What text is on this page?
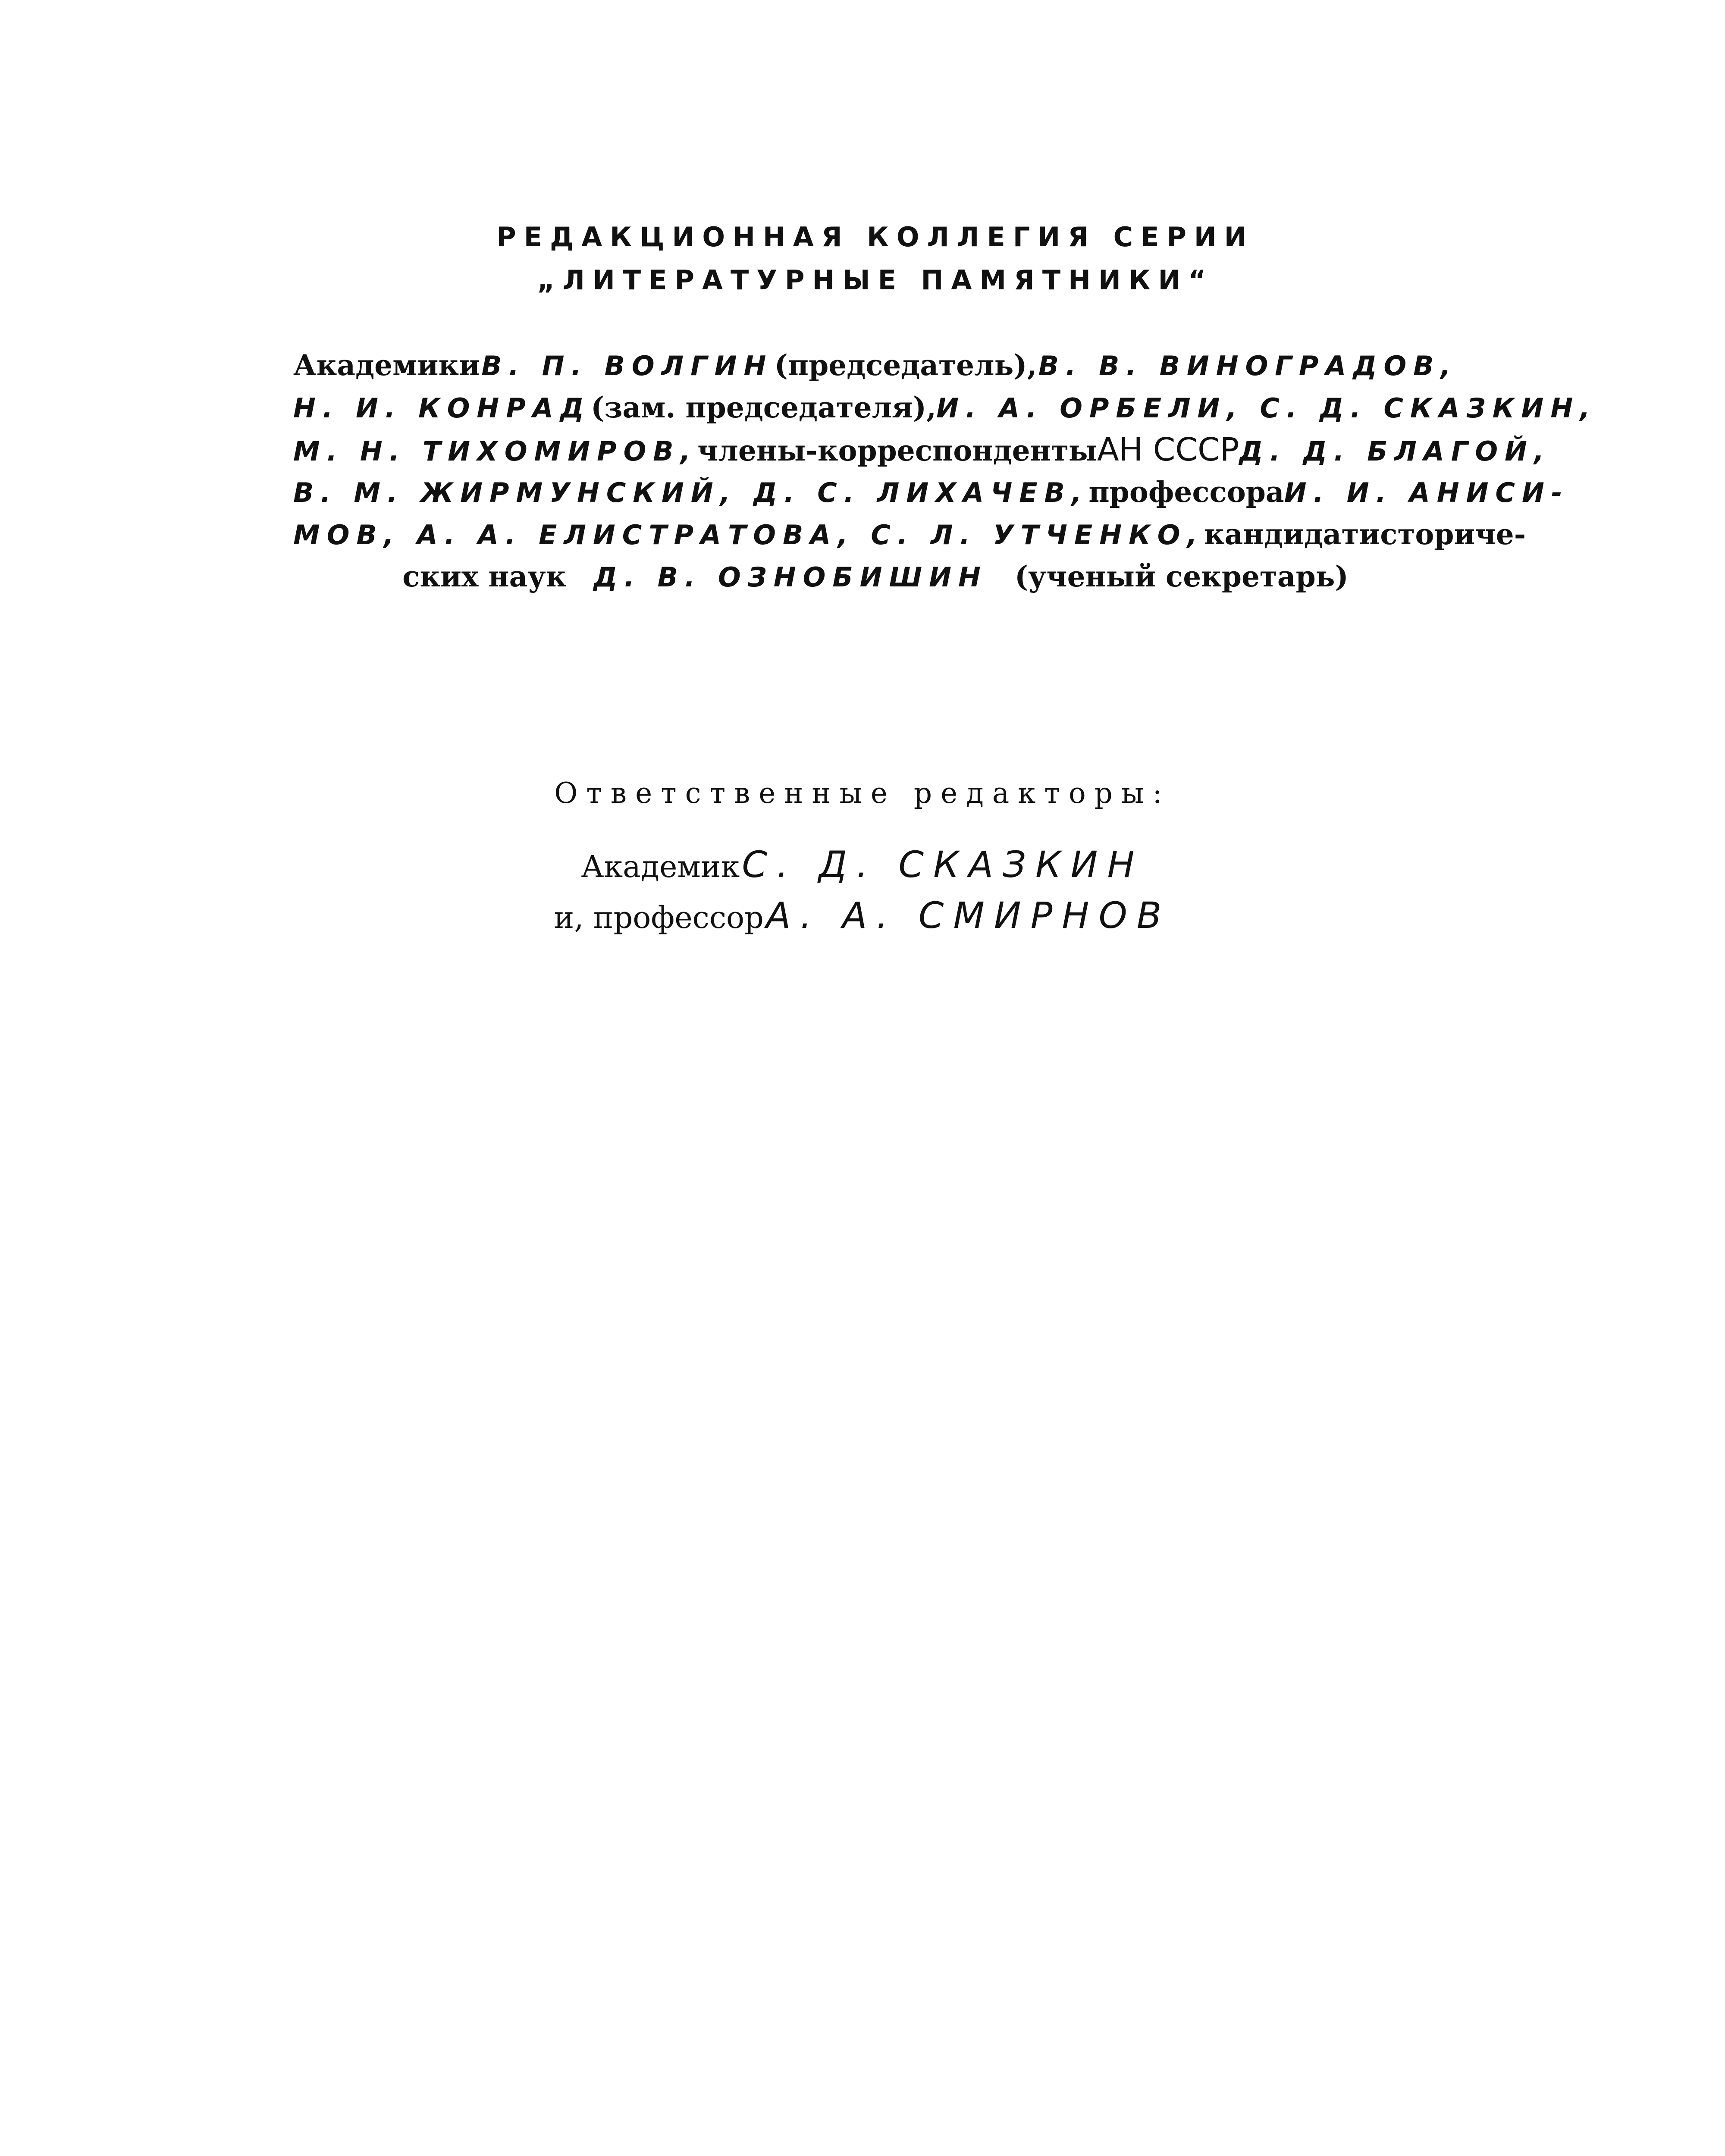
РЕДАКЦИОННАЯ КОЛЛЕГИЯ СЕРИИ
„ЛИТЕРАТУРНЫЕ ПАМЯТНИКИ“
Академики В. П. ВОЛГИН (председатель), В. В. ВИНОГРАДОВ,
Н. И. КОНРАД (зам. председателя), И. А. ОРБЕЛИ, С. Д. СКАЗКИН,
М. Н. ТИХОМИРОВ, члены-корреспонденты АН СССР Д. Д. БЛАГОЙ,
В. М. ЖИРМУНСКИЙ, Д. С. ЛИХАЧЕВ, профессора И. И. АНИСИ-
МОВ, А. А. ЕЛИСТРАТОВА, С. Л. УТЧЕНКО, кандидат историче-
ских наук Д. В. ОЗНОБИШИН (ученый секретарь)
Ответственные редакторы:
Академик С. Д. СКАЗКИН
и, профессор А. А. СМИРНОВ
